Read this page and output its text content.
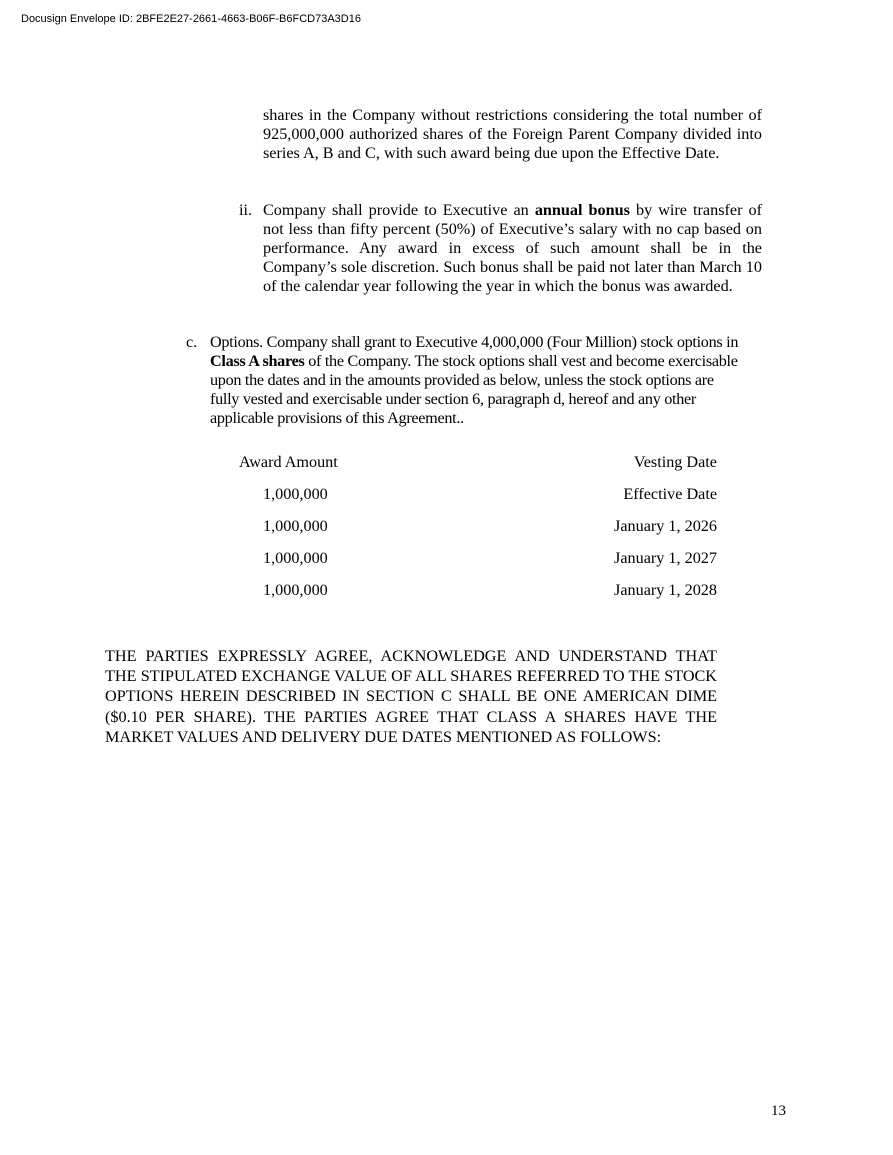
Docusign Envelope ID: 2BFE2E27-2661-4663-B06F-B6FCD73A3D16
shares in the Company without restrictions considering the total number of 925,000,000 authorized shares of the Foreign Parent Company divided into series A, B and C, with such award being due upon the Effective Date.
ii. Company shall provide to Executive an annual bonus by wire transfer of not less than fifty percent (50%) of Executive’s salary with no cap based on performance. Any award in excess of such amount shall be in the Company’s sole discretion. Such bonus shall be paid not later than March 10 of the calendar year following the year in which the bonus was awarded.
c. Options. Company shall grant to Executive 4,000,000 (Four Million) stock options in Class A shares of the Company. The stock options shall vest and become exercisable upon the dates and in the amounts provided as below, unless the stock options are fully vested and exercisable under section 6, paragraph d, hereof and any other applicable provisions of this Agreement..
Award Amount	Vesting Date
1,000,000	Effective Date
1,000,000	January 1, 2026
1,000,000	January 1, 2027
1,000,000	January 1, 2028
THE PARTIES EXPRESSLY AGREE, ACKNOWLEDGE AND UNDERSTAND THAT THE STIPULATED EXCHANGE VALUE OF ALL SHARES REFERRED TO THE STOCK OPTIONS HEREIN DESCRIBED IN SECTION C SHALL BE ONE AMERICAN DIME ($0.10 PER SHARE). THE PARTIES AGREE THAT CLASS A SHARES HAVE THE MARKET VALUES AND DELIVERY DUE DATES MENTIONED AS FOLLOWS:
13
